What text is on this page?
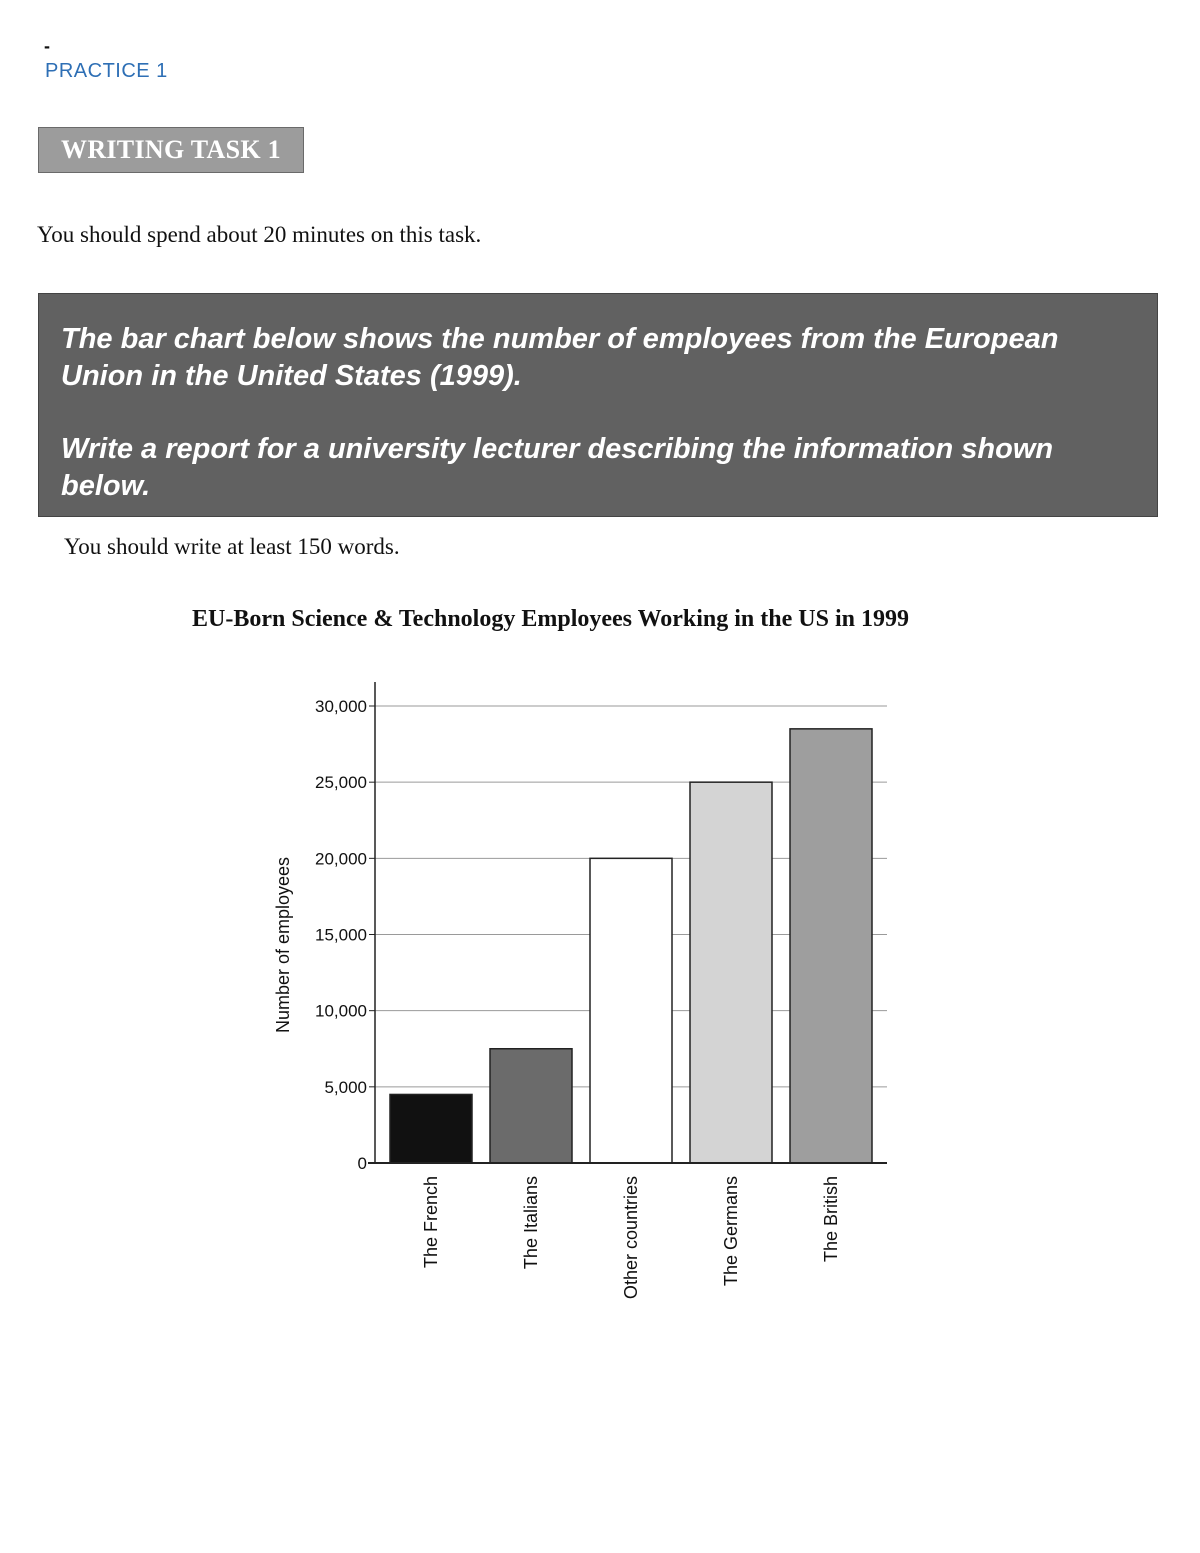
-
PRACTICE 1
WRITING TASK 1
You should spend about 20 minutes on this task.

The bar chart below shows the number of employees from the European Union in the United States (1999).

Write a report for a university lecturer describing the information shown below.

You should write at least 150 words.
EU-Born Science & Technology Employees Working in the US in 1999
0
5,000
10,000
15,000
20,000
25,000
30,000
The French	The Italians	Other countries	The Germans	The British
Number of employees
